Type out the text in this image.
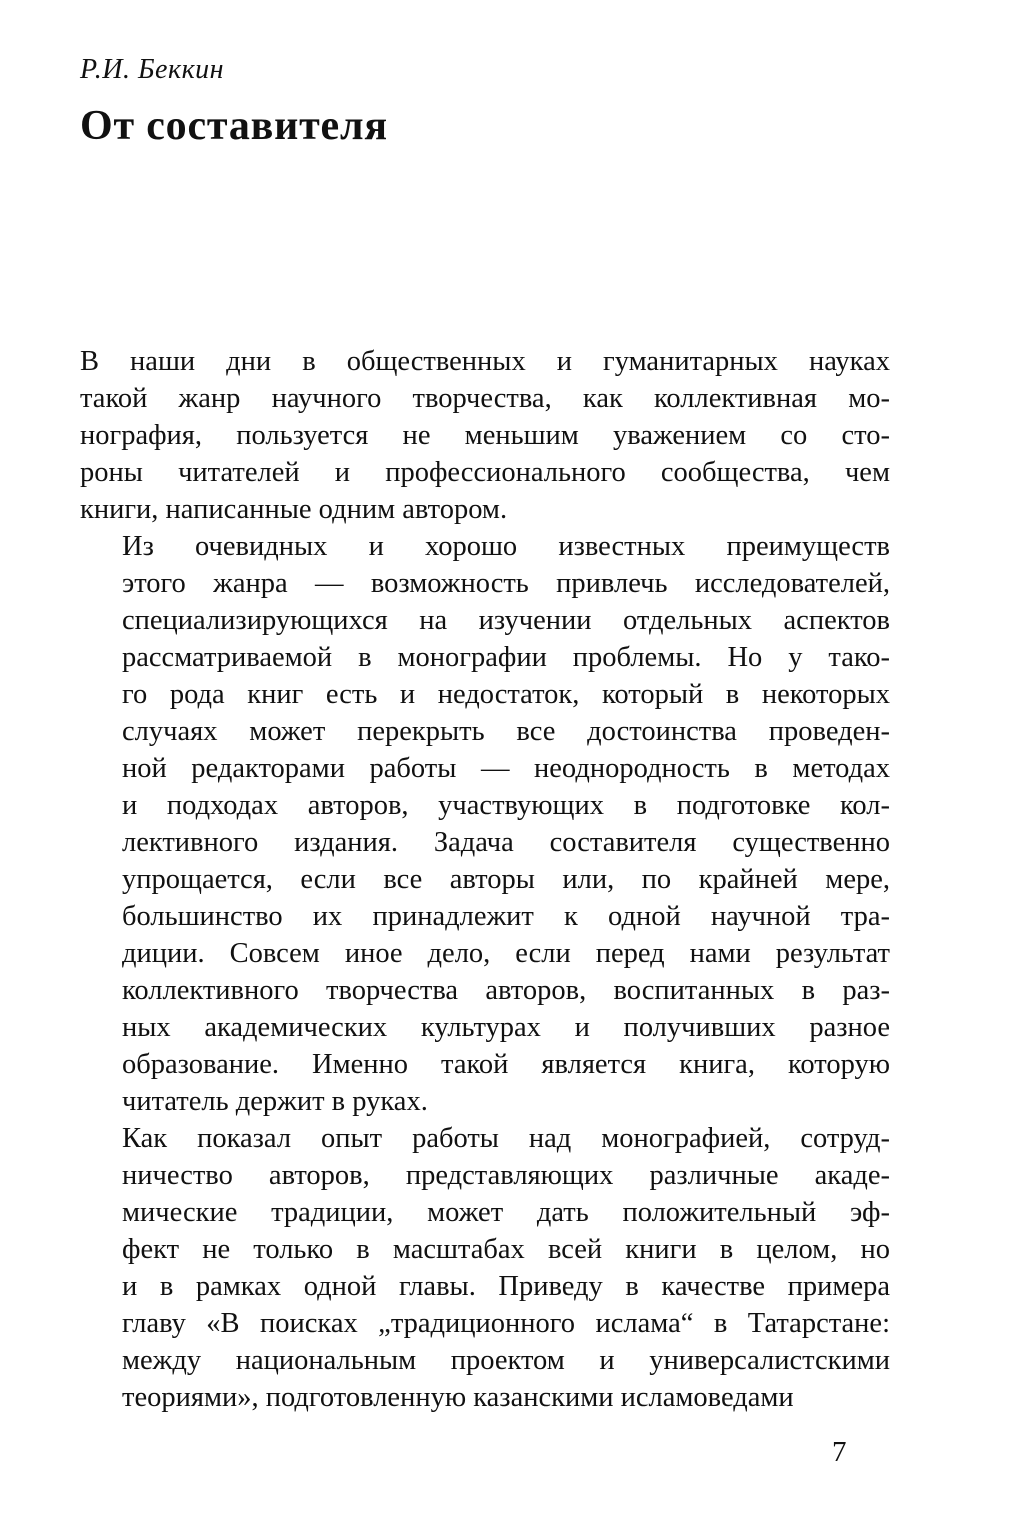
Р.И. Беккин
От составителя

В наши дни в общественных и гуманитарных науках
такой жанр научного творчества, как коллективная мо-
нография, пользуется не меньшим уважением со сто-
роны читателей и профессионального сообщества, чем
книги, написанные одним автором.

Из очевидных и хорошо известных преимуществ
этого жанра — возможность привлечь исследователей,
специализирующихся на изучении отдельных аспектов
рассматриваемой в монографии проблемы. Но у тако-
го рода книг есть и недостаток, который в некоторых
случаях может перекрыть все достоинства проведен-
ной редакторами работы — неоднородность в методах
и подходах авторов, участвующих в подготовке кол-
лективного издания. Задача составителя существенно
упрощается, если все авторы или, по крайней мере,
большинство их принадлежит к одной научной тра-
диции. Совсем иное дело, если перед нами результат
коллективного творчества авторов, воспитанных в раз-
ных академических культурах и получивших разное
образование. Именно такой является книга, которую
читатель держит в руках.

Как показал опыт работы над монографией, сотруд-
ничество авторов, представляющих различные акаде-
мические традиции, может дать положительный эф-
фект не только в масштабах всей книги в целом, но
и в рамках одной главы. Приведу в качестве примера
главу «В поисках „традиционного ислама“ в Татарстане:
между национальным проектом и универсалистскими
теориями», подготовленную казанскими исламоведами

7
